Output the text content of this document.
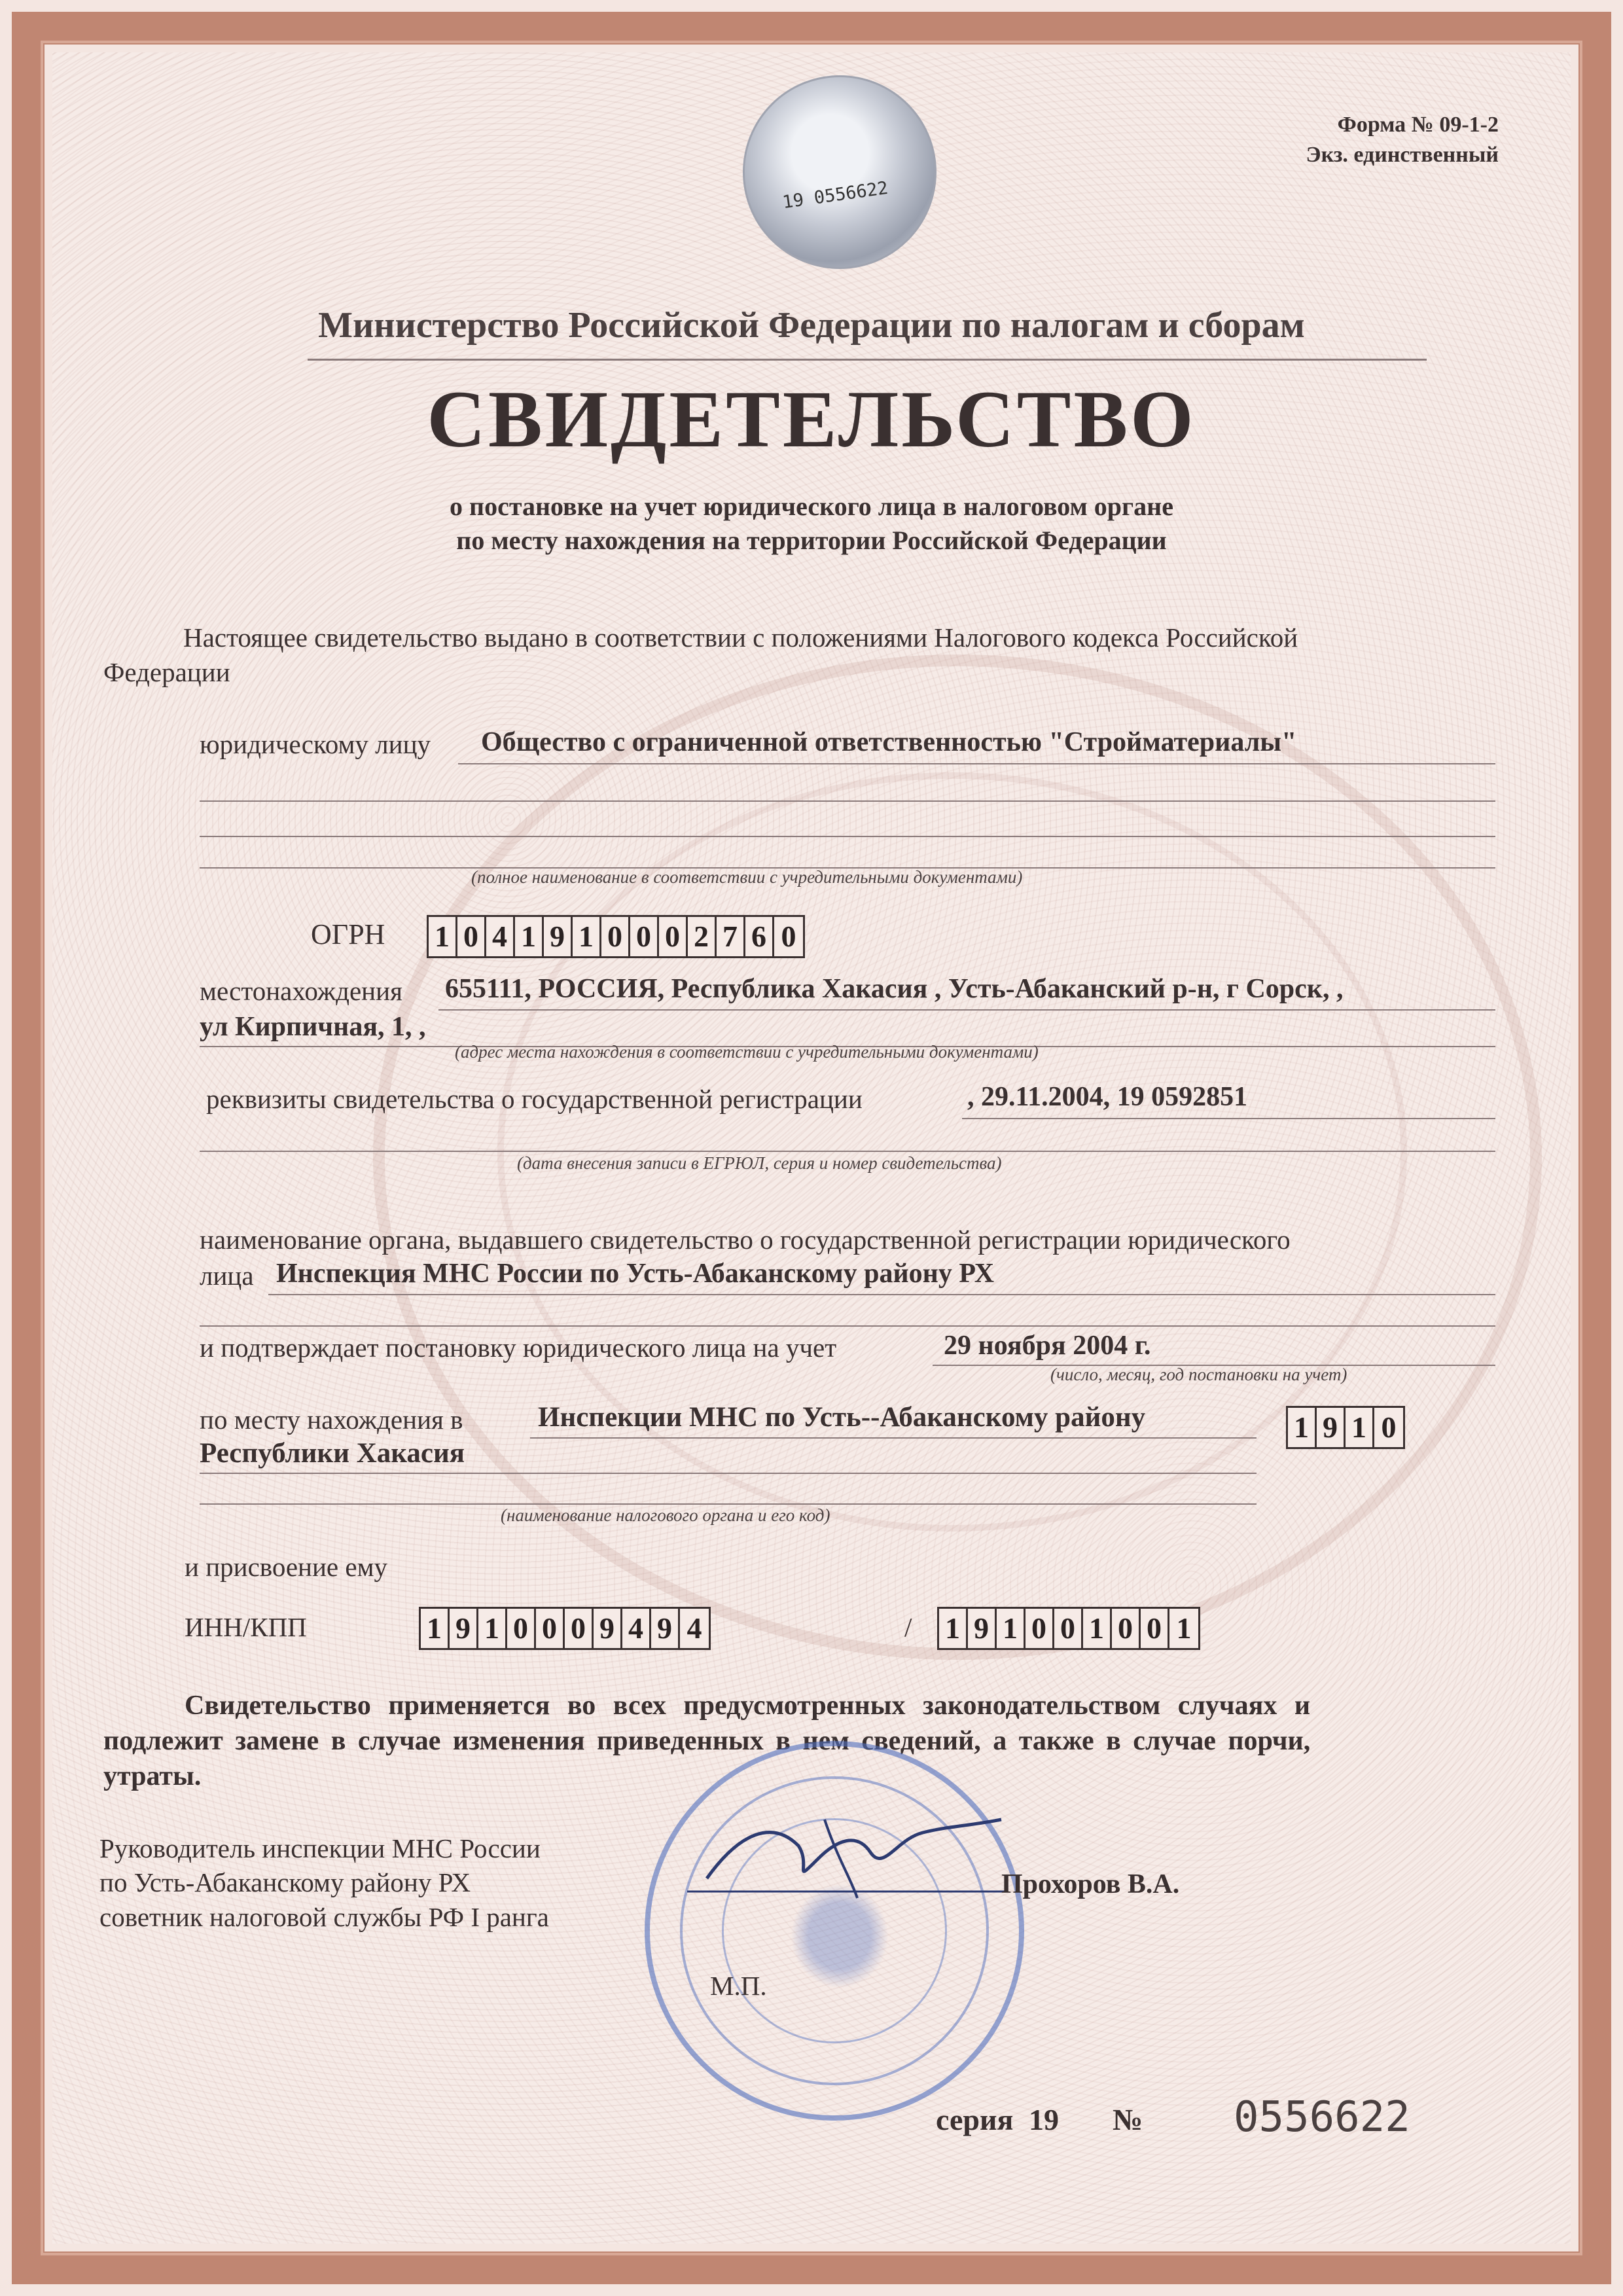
19 0556622
Форма № 09-1-2
Экз. единственный
Министерство Российской Федерации по налогам и сборам
СВИДЕТЕЛЬСТВО
о постановке на учет юридического лица в налоговом органе
по месту нахождения на территории Российской Федерации
Настоящее свидетельство выдано в соответствии с положениями Налогового кодекса Российской
Федерации
юридическому лицу Общество с ограниченной ответственностью "Стройматериалы"
(полное наименование в соответствии с учредительными документами)
ОГРН 1 0 4 1 9 1 0 0 0 2 7 6 0
местонахождения 655111, РОССИЯ, Республика Хакасия , Усть-Абаканский р-н, г Сорск, ,
ул Кирпичная, 1, ,
(адрес места нахождения в соответствии с учредительными документами)
реквизиты свидетельства о государственной регистрации	, 29.11.2004, 19 0592851
(дата внесения записи в ЕГРЮЛ, серия и номер свидетельства)
наименование органа, выдавшего свидетельство о государственной регистрации юридического
лица Инспекция МНС России по Усть-Абаканскому району РХ
и подтверждает постановку юридического лица на учет	29 ноября 2004 г.
(число, месяц, год постановки на учет)
по месту нахождения в	Инспекции МНС по Усть--Абаканскому району	1 9 1 0
Республики Хакасия
(наименование налогового органа и его код)
и присвоение ему
ИНН/КПП	1 9 1 0 0 0 9 4 9 4	/ 1 9 1 0 0 1 0 0 1
Свидетельство применяется во всех предусмотренных законодательством случаях и
подлежит замене в случае изменения приведенных в нем сведений, а также в случае порчи,
утраты.
Руководитель инспекции МНС России
по Усть-Абаканскому району РХ
советник налоговой службы РФ I ранга
Прохоров В.А.
М.П.
серия 19 № 0556622
